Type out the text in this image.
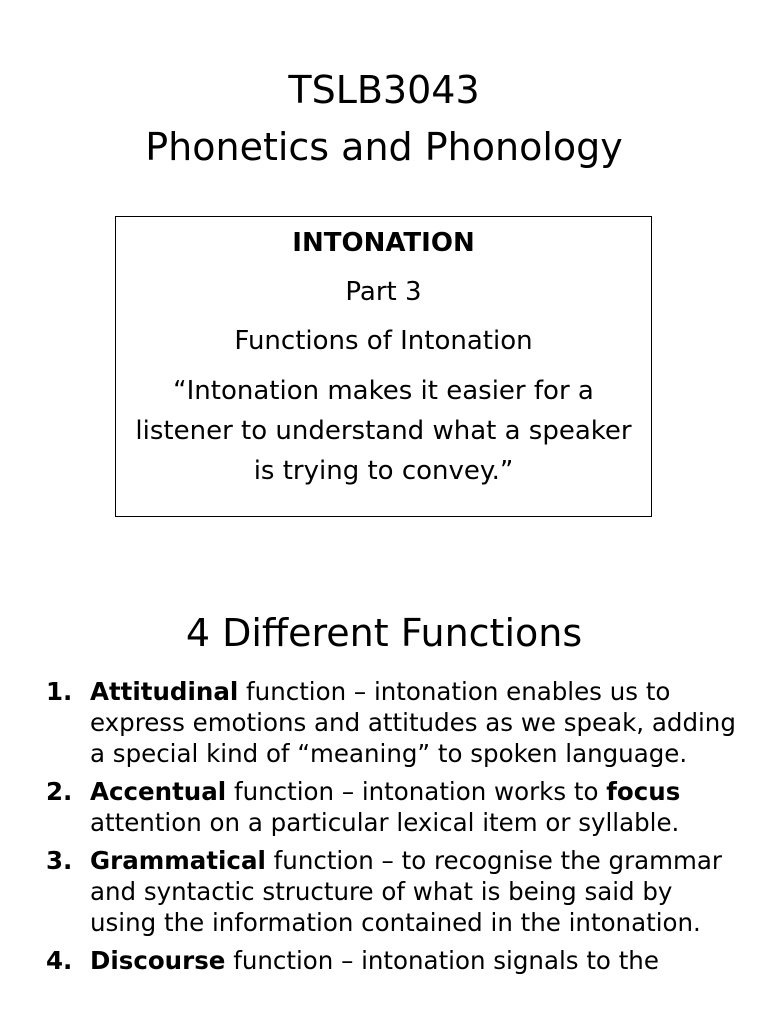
TSLB3043
Phonetics and Phonology
INTONATION
Part 3
Functions of Intonation
“Intonation makes it easier for a listener to understand what a speaker is trying to convey.”
4 Different Functions
1. Attitudinal function – intonation enables us to express emotions and attitudes as we speak, adding a special kind of “meaning” to spoken language.
2. Accentual function – intonation works to focus attention on a particular lexical item or syllable.
3. Grammatical function – to recognise the grammar and syntactic structure of what is being said by using the information contained in the intonation.
4. Discourse function – intonation signals to the
